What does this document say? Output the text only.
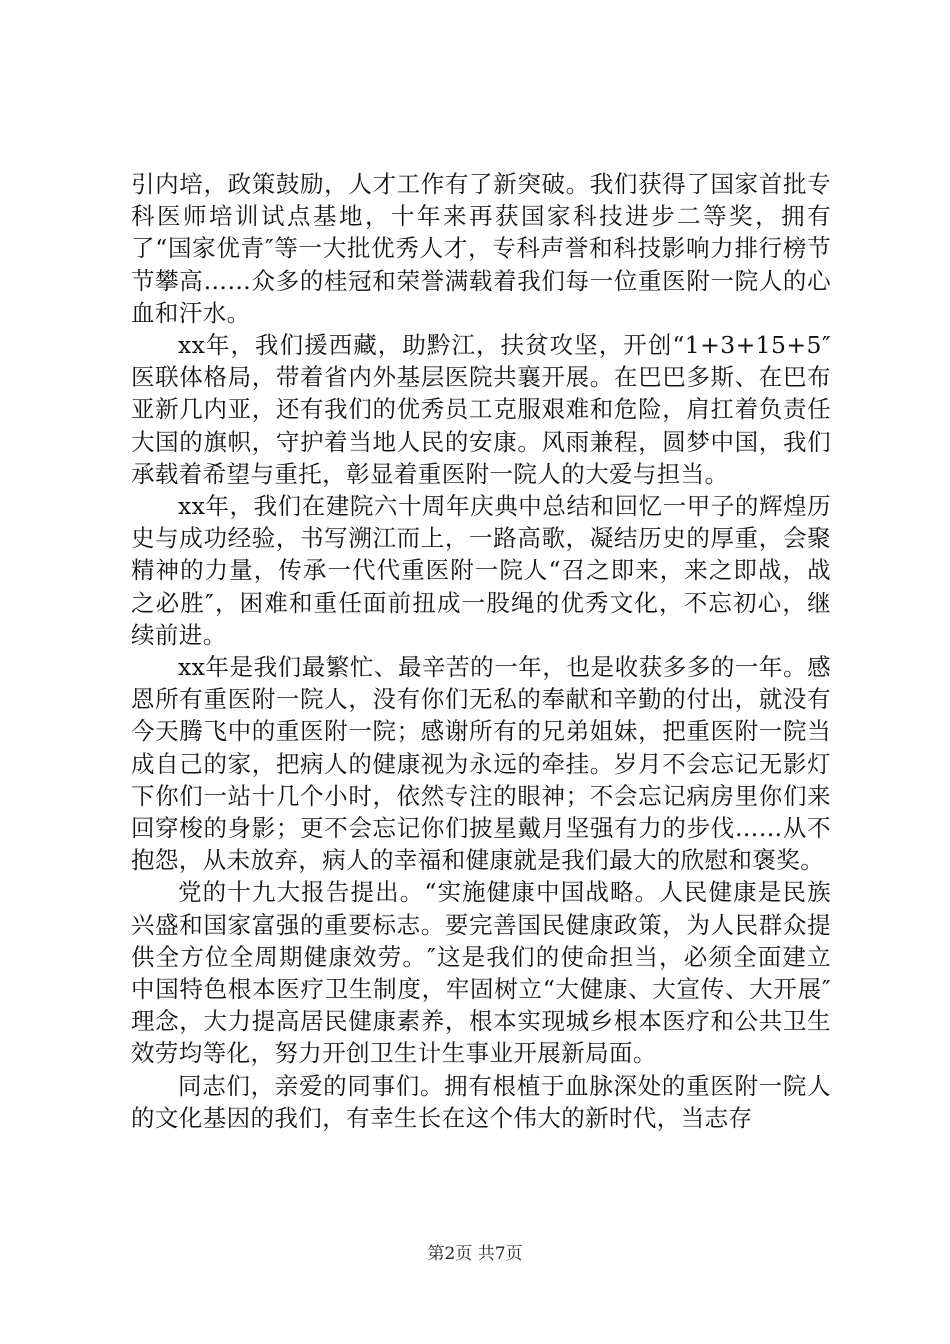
引内培，政策鼓励，人才工作有了新突破。我们获得了国家首批专科医师培训试点基地，十年来再获国家科技进步二等奖，拥有了“国家优青″等一大批优秀人才，专科声誉和科技影响力排行榜节节攀高……众多的桂冠和荣誉满载着我们每一位重医附一院人的心血和汗水。

xx年，我们援西藏，助黔江，扶贫攻坚，开创“1+3+15+5″医联体格局，带着省内外基层医院共襄开展。在巴巴多斯、在巴布亚新几内亚，还有我们的优秀员工克服艰难和危险，肩扛着负责任大国的旗帜，守护着当地人民的安康。风雨兼程，圆梦中国，我们承载着希望与重托，彰显着重医附一院人的大爱与担当。

xx年，我们在建院六十周年庆典中总结和回忆一甲子的辉煌历史与成功经验，书写溯江而上，一路高歌，凝结历史的厚重，会聚精神的力量，传承一代代重医附一院人“召之即来，来之即战，战之必胜″，困难和重任面前扭成一股绳的优秀文化，不忘初心，继续前进。

xx年是我们最繁忙、最辛苦的一年，也是收获多多的一年。感恩所有重医附一院人，没有你们无私的奉献和辛勤的付出，就没有今天腾飞中的重医附一院；感谢所有的兄弟姐妹，把重医附一院当成自己的家，把病人的健康视为永远的牵挂。岁月不会忘记无影灯下你们一站十几个小时，依然专注的眼神；不会忘记病房里你们来回穿梭的身影；更不会忘记你们披星戴月坚强有力的步伐……从不抱怨，从未放弃，病人的幸福和健康就是我们最大的欣慰和褒奖。

党的十九大报告提出。“实施健康中国战略。人民健康是民族兴盛和国家富强的重要标志。要完善国民健康政策，为人民群众提供全方位全周期健康效劳。″这是我们的使命担当，必须全面建立中国特色根本医疗卫生制度，牢固树立“大健康、大宣传、大开展″理念，大力提高居民健康素养，根本实现城乡根本医疗和公共卫生效劳均等化，努力开创卫生计生事业开展新局面。

同志们，亲爱的同事们。拥有根植于血脉深处的重医附一院人的文化基因的我们，有幸生长在这个伟大的新时代，当志存

第2页 共7页
